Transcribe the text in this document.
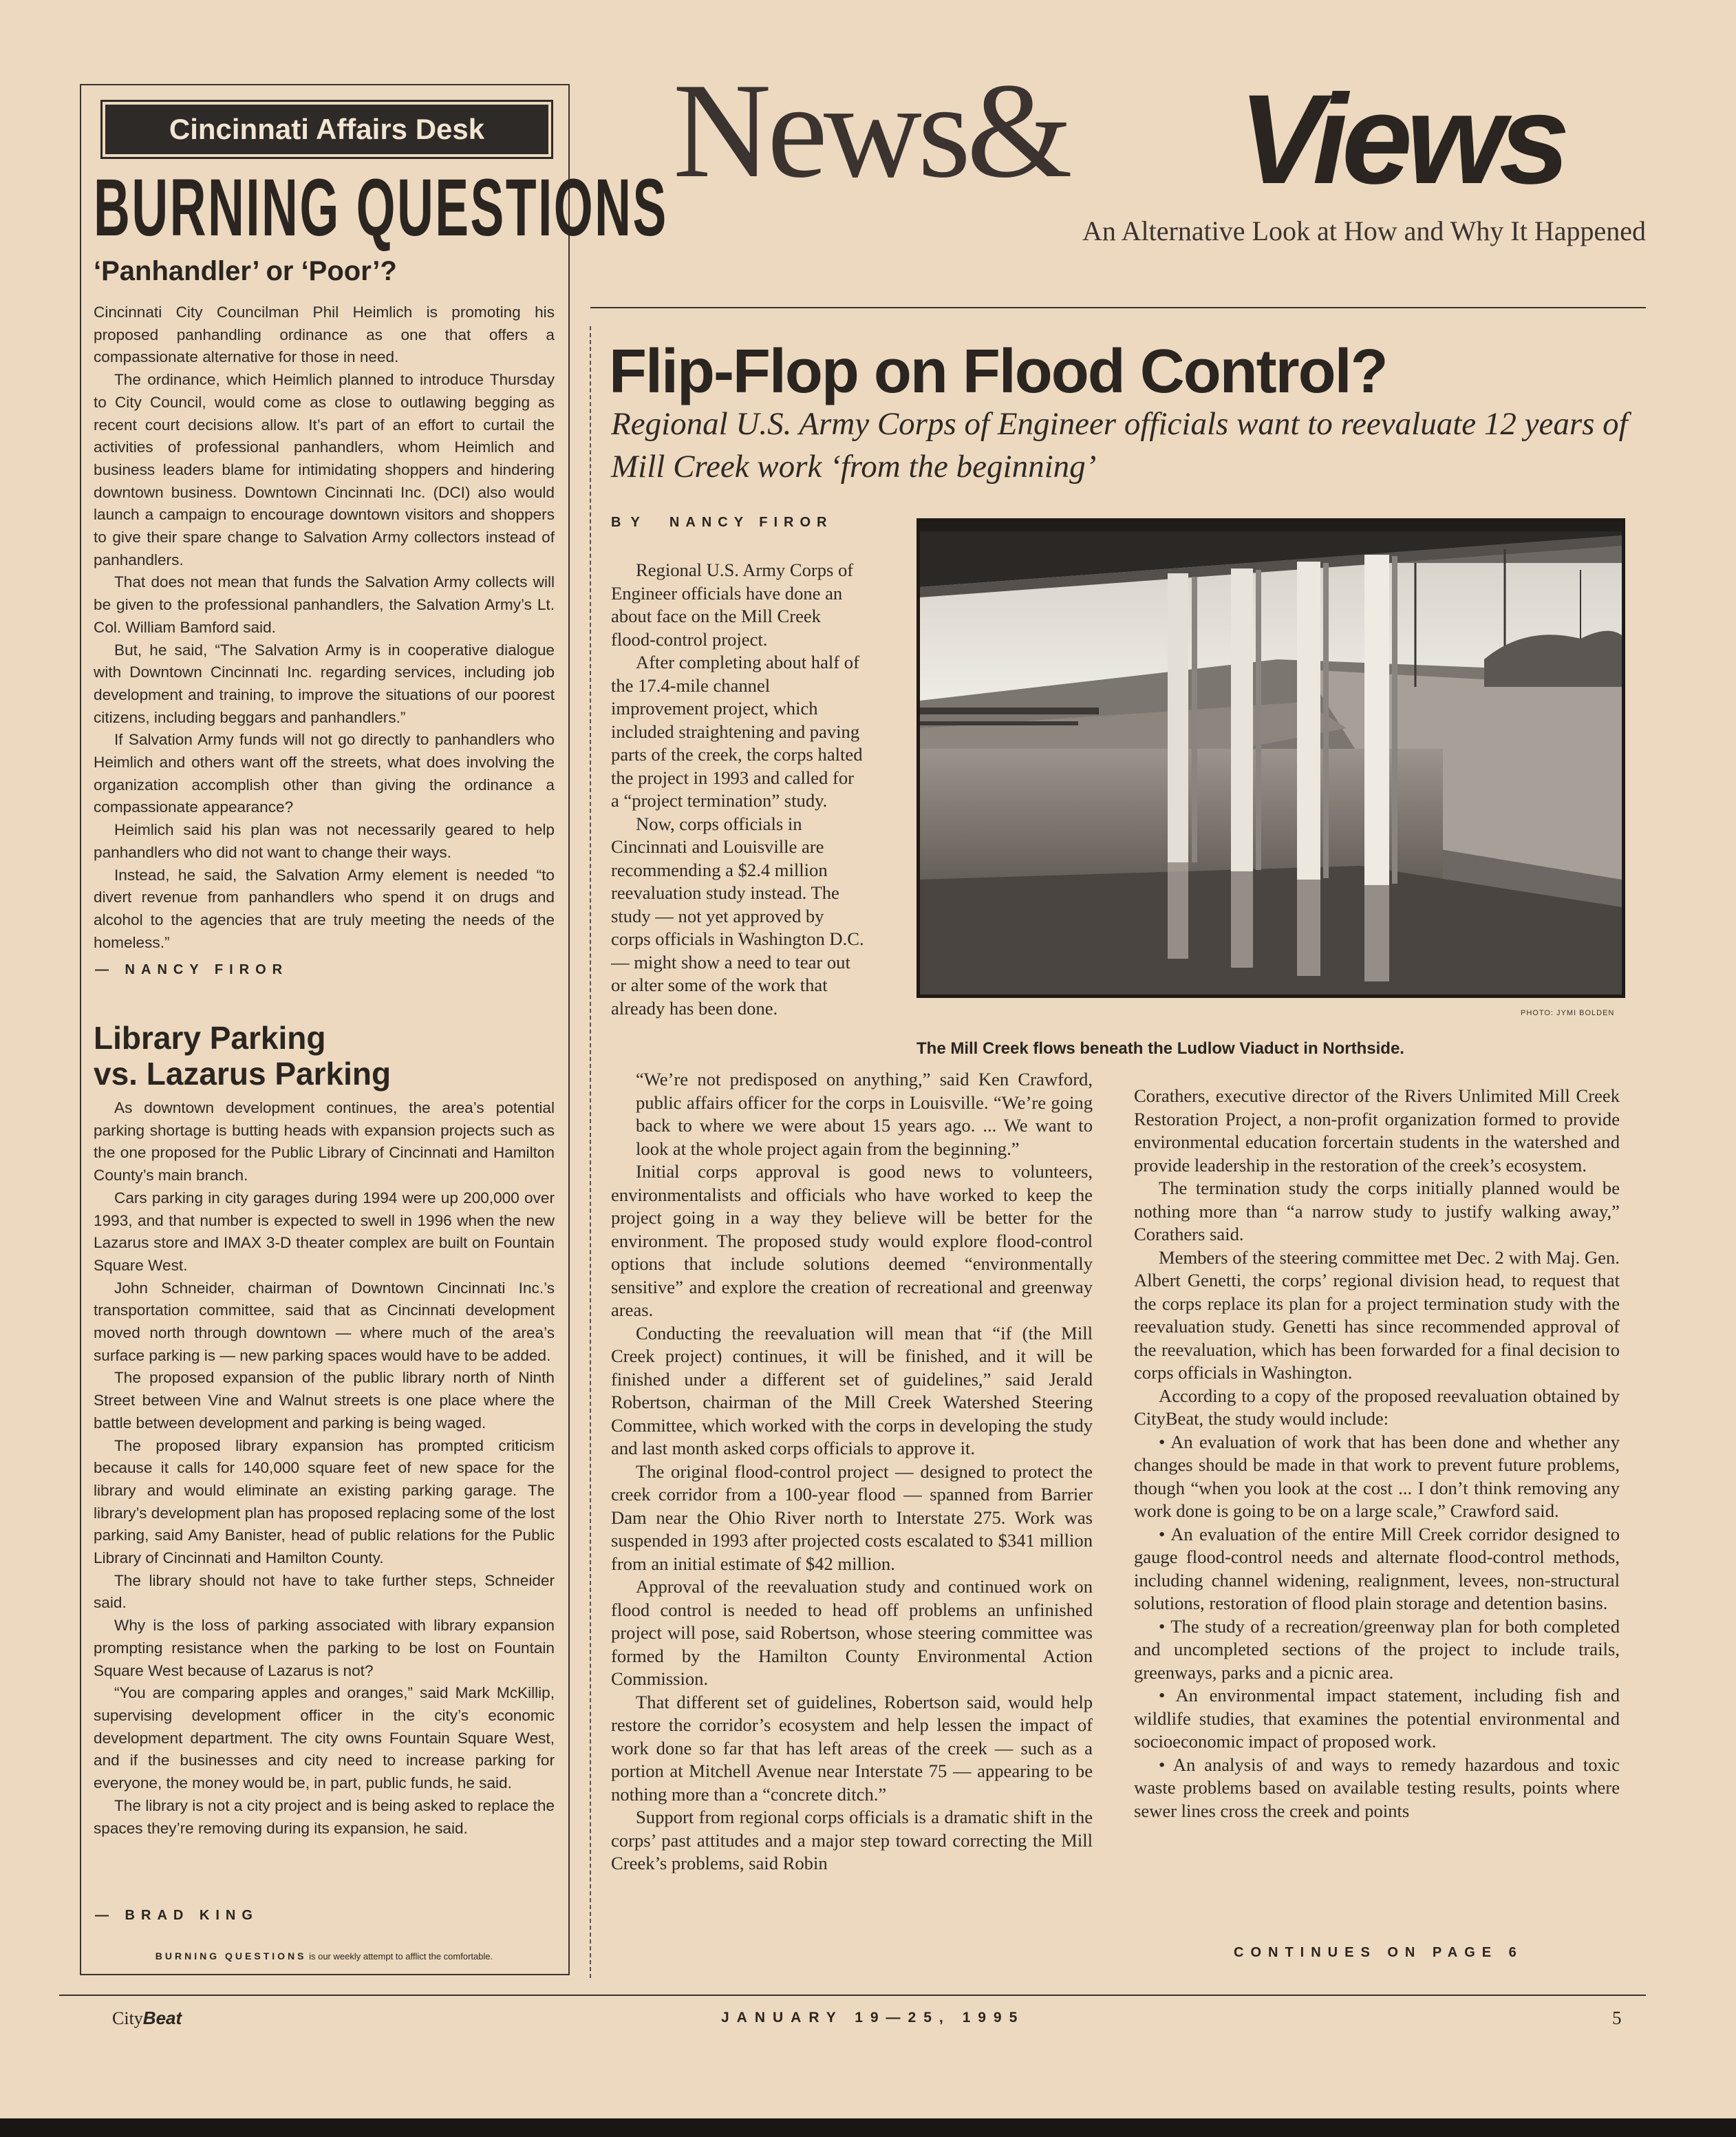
Cincinnati Affairs Desk
BURNING QUESTIONS
‘Panhandler’ or ‘Poor’?

Cincinnati City Councilman Phil Heimlich is promoting his proposed panhandling ordinance as one that offers a compassionate alternative for those in need.

The ordinance, which Heimlich planned to introduce Thursday to City Council, would come as close to outlawing begging as recent court decisions allow. It’s part of an effort to curtail the activities of professional panhandlers, whom Heimlich and business leaders blame for intimidating shoppers and hindering downtown business. Downtown Cincinnati Inc. (DCI) also would launch a campaign to encourage downtown visitors and shoppers to give their spare change to Salvation Army collectors instead of panhandlers.

That does not mean that funds the Salvation Army collects will be given to the professional panhandlers, the Salvation Army’s Lt. Col. William Bamford said.

But, he said, “The Salvation Army is in cooperative dialogue with Downtown Cincinnati Inc. regarding services, including job development and training, to improve the situations of our poorest citizens, including beggars and panhandlers.”

If Salvation Army funds will not go directly to panhandlers who Heimlich and others want off the streets, what does involving the organization accomplish other than giving the ordinance a compassionate appearance?

Heimlich said his plan was not necessarily geared to help panhandlers who did not want to change their ways.

Instead, he said, the Salvation Army element is needed “to divert revenue from panhandlers who spend it on drugs and alcohol to the agencies that are truly meeting the needs of the homeless.”

— NANCY FIROR
Library Parking
vs. Lazarus Parking

As downtown development continues, the area’s potential parking shortage is butting heads with expansion projects such as the one proposed for the Public Library of Cincinnati and Hamilton County’s main branch.

Cars parking in city garages during 1994 were up 200,000 over 1993, and that number is expected to swell in 1996 when the new Lazarus store and IMAX 3-D theater complex are built on Fountain Square West.

John Schneider, chairman of Downtown Cincinnati Inc.’s transportation committee, said that as Cincinnati development moved north through downtown — where much of the area’s surface parking is — new parking spaces would have to be added.

The proposed expansion of the public library north of Ninth Street between Vine and Walnut streets is one place where the battle between development and parking is being waged.

The proposed library expansion has prompted criticism because it calls for 140,000 square feet of new space for the library and would eliminate an existing parking garage. The library’s development plan has proposed replacing some of the lost parking, said Amy Banister, head of public relations for the Public Library of Cincinnati and Hamilton County.

The library should not have to take further steps, Schneider said.

Why is the loss of parking associated with library expansion prompting resistance when the parking to be lost on Fountain Square West because of Lazarus is not?

“You are comparing apples and oranges,” said Mark McKillip, supervising development officer in the city’s economic development department. The city owns Fountain Square West, and if the businesses and city need to increase parking for everyone, the money would be, in part, public funds, he said.

The library is not a city project and is being asked to replace the spaces they’re removing during its expansion, he said.

— BRAD KING
BURNING QUESTIONS is our weekly attempt to afflict the comfortable.
News& Views
An Alternative Look at How and Why It Happened
Flip-Flop on Flood Control?
Regional U.S. Army Corps of Engineer officials want to reevaluate 12 years of Mill Creek work ‘from the beginning’
BY NANCY FIROR

Regional U.S. Army Corps of Engineer officials have done an about face on the Mill Creek flood-control project.

After completing about half of the 17.4-mile channel improvement project, which included straightening and paving parts of the creek, the corps halted the project in 1993 and called for a “project termination” study.

Now, corps officials in Cincinnati and Louisville are recommending a $2.4 million reevaluation study instead. The study — not yet approved by corps officials in Washington D.C. — might show a need to tear out or alter some of the work that already has been done.	PHOTO: JYMI BOLDEN
The Mill Creek flows beneath the Ludlow Viaduct in Northside.

“We’re not predisposed on anything,” said Ken Crawford, public affairs officer for the corps in Louisville. “We’re going back to where we were about 15 years ago. ... We want to look at the whole project again from the beginning.”

Initial corps approval is good news to volunteers, environmentalists and officials who have worked to keep the project going in a way they believe will be better for the environment. The proposed study would explore flood-control options that include solutions deemed “environmentally sensitive” and explore the creation of recreational and greenway areas.

Conducting the reevaluation will mean that “if (the Mill Creek project) continues, it will be finished, and it will be finished under a different set of guidelines,” said Jerald Robertson, chairman of the Mill Creek Watershed Steering Committee, which worked with the corps in developing the study and last month asked corps officials to approve it.

The original flood-control project — designed to protect the creek corridor from a 100-year flood — spanned from Barrier Dam near the Ohio River north to Interstate 275. Work was suspended in 1993 after projected costs escalated to $341 million from an initial estimate of $42 million.

Approval of the reevaluation study and continued work on flood control is needed to head off problems an unfinished project will pose, said Robertson, whose steering committee was formed by the Hamilton County Environmental Action Commission.

That different set of guidelines, Robertson said, would help restore the corridor’s ecosystem and help lessen the impact of work done so far that has left areas of the creek — such as a portion at Mitchell Avenue near Interstate 75 — appearing to be nothing more than a “concrete ditch.”

Support from regional corps officials is a dramatic shift in the corps’ past attitudes and a major step toward correcting the Mill Creek’s problems, said Robin

Corathers, executive director of the Rivers Unlimited Mill Creek Restoration Project, a non-profit organization formed to provide environmental education forcertain students in the watershed and provide leadership in the restoration of the creek’s ecosystem.

The termination study the corps initially planned would be nothing more than “a narrow study to justify walking away,” Corathers said.

Members of the steering committee met Dec. 2 with Maj. Gen. Albert Genetti, the corps’ regional division head, to request that the corps replace its plan for a project termination study with the reevaluation study. Genetti has since recommended approval of the reevaluation, which has been forwarded for a final decision to corps officials in Washington.

According to a copy of the proposed reevaluation obtained by CityBeat, the study would include:

• An evaluation of work that has been done and whether any changes should be made in that work to prevent future problems, though “when you look at the cost ... I don’t think removing any work done is going to be on a large scale,” Crawford said.

• An evaluation of the entire Mill Creek corridor designed to gauge flood-control needs and alternate flood-control methods, including channel widening, realignment, levees, non-structural solutions, restoration of flood plain storage and detention basins.

• The study of a recreation/greenway plan for both completed and uncompleted sections of the project to include trails, greenways, parks and a picnic area.

• An environmental impact statement, including fish and wildlife studies, that examines the potential environmental and socioeconomic impact of proposed work.

• An analysis of and ways to remedy hazardous and toxic waste problems based on available testing results, points where sewer lines cross the creek and points

CONTINUES ON PAGE 6
CityBeat	JANUARY 19—25, 1995	5
